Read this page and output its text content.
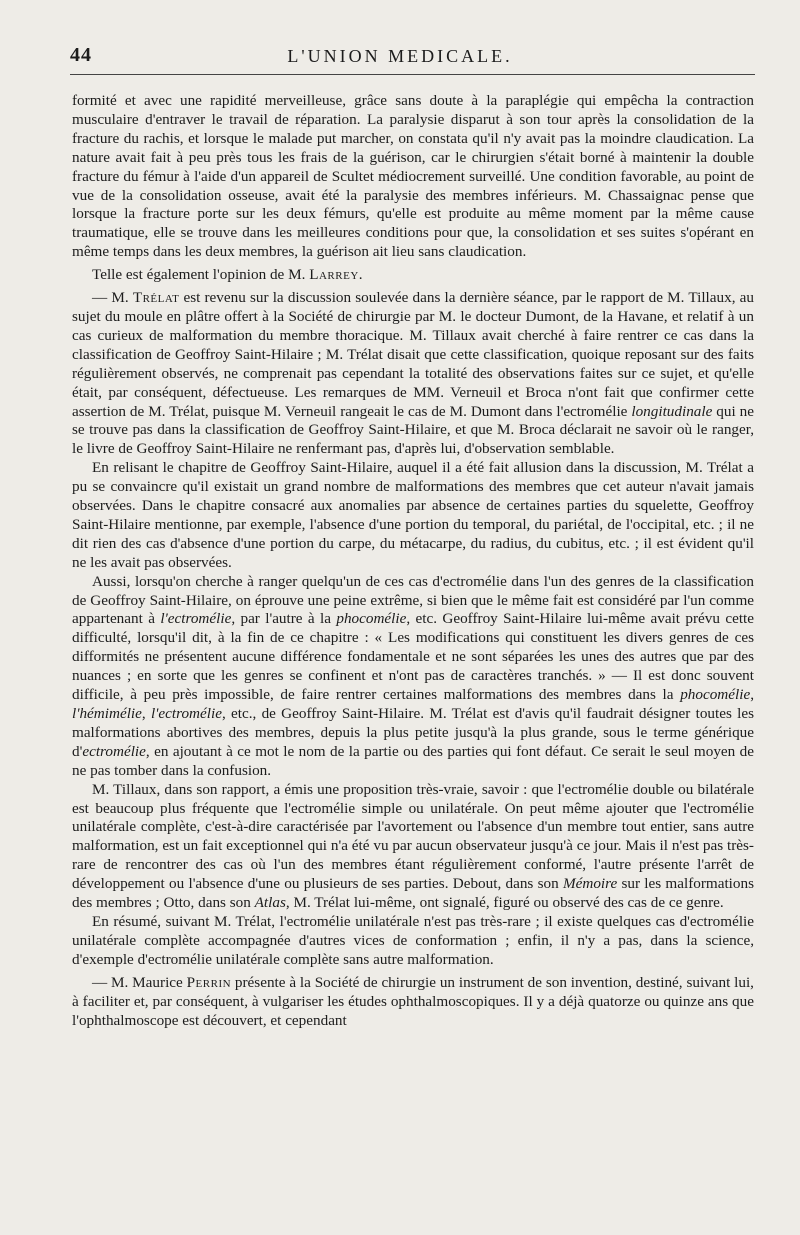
44	L'UNION MEDICALE.

formité et avec une rapidité merveilleuse, grâce sans doute à la paraplégie qui empêcha la contraction musculaire d'entraver le travail de réparation. La paralysie disparut à son tour après la consolidation de la fracture du rachis, et lorsque le malade put marcher, on constata qu'il n'y avait pas la moindre claudication. La nature avait fait à peu près tous les frais de la guérison, car le chirurgien s'était borné à maintenir la double fracture du fémur à l'aide d'un appareil de Scultet médiocrement surveillé. Une condition favorable, au point de vue de la consolidation osseuse, avait été la paralysie des membres inférieurs. M. Chassaignac pense que lorsque la fracture porte sur les deux fémurs, qu'elle est produite au même moment par la même cause traumatique, elle se trouve dans les meilleures conditions pour que, la consolidation et ses suites s'opérant en même temps dans les deux membres, la guérison ait lieu sans claudication.

Telle est également l'opinion de M. Larrey.

— M. Trélat est revenu sur la discussion soulevée dans la dernière séance, par le rapport de M. Tillaux, au sujet du moule en plâtre offert à la Société de chirurgie par M. le docteur Dumont, de la Havane, et relatif à un cas curieux de malformation du membre thoracique. M. Tillaux avait cherché à faire rentrer ce cas dans la classification de Geoffroy Saint-Hilaire ; M. Trélat disait que cette classification, quoique reposant sur des faits régulièrement observés, ne comprenait pas cependant la totalité des observations faites sur ce sujet, et qu'elle était, par conséquent, défectueuse. Les remarques de MM. Verneuil et Broca n'ont fait que confirmer cette assertion de M. Trélat, puisque M. Verneuil rangeait le cas de M. Dumont dans l'ectromélie longitudinale qui ne se trouve pas dans la classification de Geoffroy Saint-Hilaire, et que M. Broca déclarait ne savoir où le ranger, le livre de Geoffroy Saint-Hilaire ne renfermant pas, d'après lui, d'observation semblable.

En relisant le chapitre de Geoffroy Saint-Hilaire, auquel il a été fait allusion dans la discussion, M. Trélat a pu se convaincre qu'il existait un grand nombre de malformations des membres que cet auteur n'avait jamais observées. Dans le chapitre consacré aux anomalies par absence de certaines parties du squelette, Geoffroy Saint-Hilaire mentionne, par exemple, l'absence d'une portion du temporal, du pariétal, de l'occipital, etc. ; il ne dit rien des cas d'absence d'une portion du carpe, du métacarpe, du radius, du cubitus, etc. ; il est évident qu'il ne les avait pas observées.

Aussi, lorsqu'on cherche à ranger quelqu'un de ces cas d'ectromélie dans l'un des genres de la classification de Geoffroy Saint-Hilaire, on éprouve une peine extrême, si bien que le même fait est considéré par l'un comme appartenant à l'ectromélie, par l'autre à la phocomélie, etc. Geoffroy Saint-Hilaire lui-même avait prévu cette difficulté, lorsqu'il dit, à la fin de ce chapitre : « Les modifications qui constituent les divers genres de ces difformités ne présentent aucune différence fondamentale et ne sont séparées les unes des autres que par des nuances ; en sorte que les genres se confinent et n'ont pas de caractères tranchés. » — Il est donc souvent difficile, à peu près impossible, de faire rentrer certaines malformations des membres dans la phocomélie, l'hémimélie, l'ectromélie, etc., de Geoffroy Saint-Hilaire. M. Trélat est d'avis qu'il faudrait désigner toutes les malformations abortives des membres, depuis la plus petite jusqu'à la plus grande, sous le terme générique d'ectromélie, en ajoutant à ce mot le nom de la partie ou des parties qui font défaut. Ce serait le seul moyen de ne pas tomber dans la confusion.

M. Tillaux, dans son rapport, a émis une proposition très-vraie, savoir : que l'ectromélie double ou bilatérale est beaucoup plus fréquente que l'ectromélie simple ou unilatérale. On peut même ajouter que l'ectromélie unilatérale complète, c'est-à-dire caractérisée par l'avortement ou l'absence d'un membre tout entier, sans autre malformation, est un fait exceptionnel qui n'a été vu par aucun observateur jusqu'à ce jour. Mais il n'est pas très-rare de rencontrer des cas où l'un des membres étant régulièrement conformé, l'autre présente l'arrêt de développement ou l'absence d'une ou plusieurs de ses parties. Debout, dans son Mémoire sur les malformations des membres ; Otto, dans son Atlas, M. Trélat lui-même, ont signalé, figuré ou observé des cas de ce genre.

En résumé, suivant M. Trélat, l'ectromélie unilatérale n'est pas très-rare ; il existe quelques cas d'ectromélie unilatérale complète accompagnée d'autres vices de conformation ; enfin, il n'y a pas, dans la science, d'exemple d'ectromélie unilatérale complète sans autre malformation.

— M. Maurice Perrin présente à la Société de chirurgie un instrument de son invention, destiné, suivant lui, à faciliter et, par conséquent, à vulgariser les études ophthalmoscopiques. Il y a déjà quatorze ou quinze ans que l'ophthalmoscope est découvert, et cependant
